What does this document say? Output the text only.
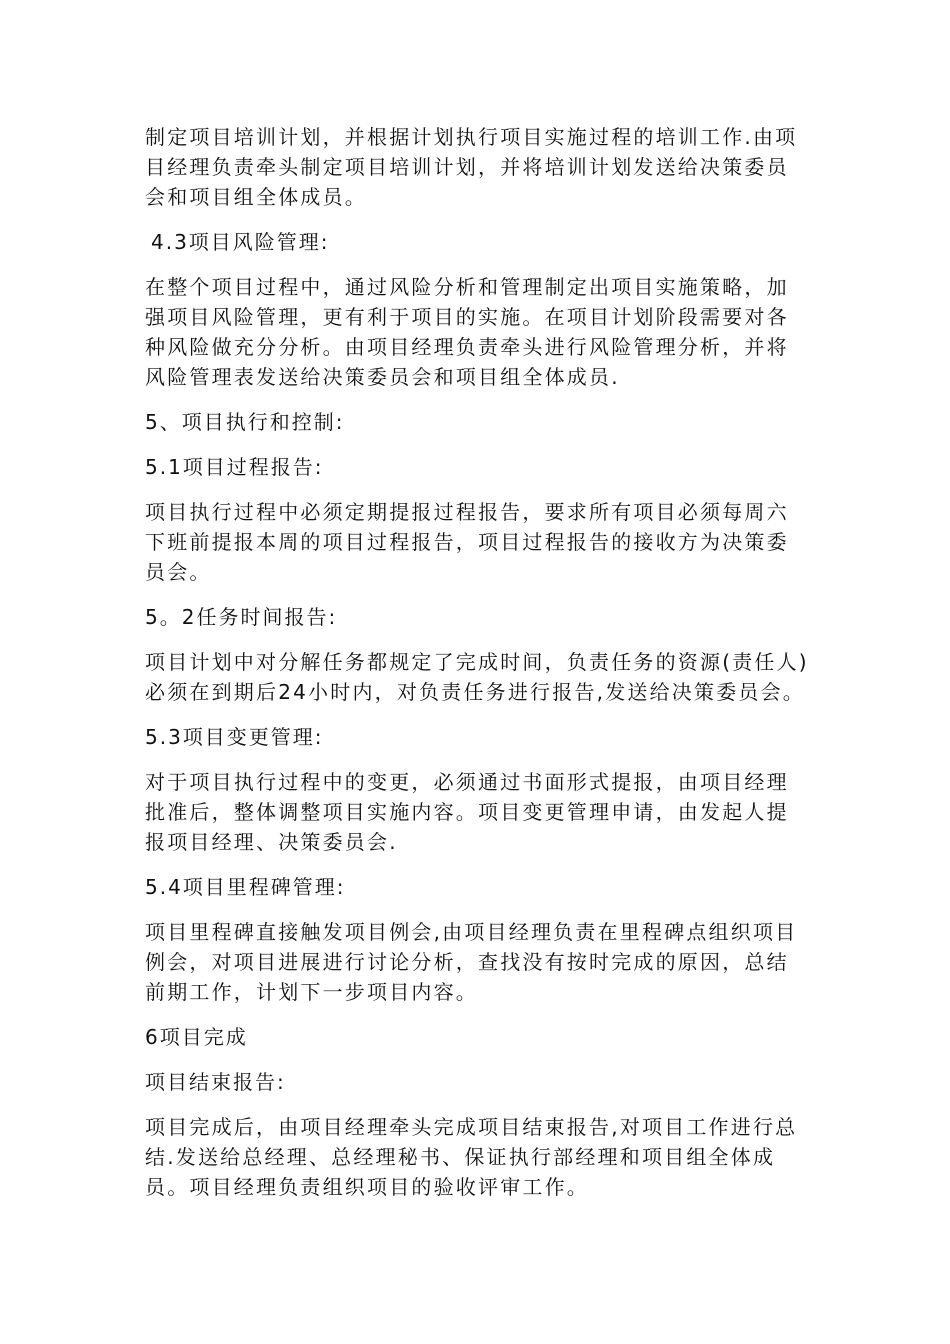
制定项目培训计划，并根据计划执行项目实施过程的培训工作.由项目经理负责牵头制定项目培训计划，并将培训计划发送给决策委员会和项目组全体成员。

4.3项目风险管理:

在整个项目过程中，通过风险分析和管理制定出项目实施策略，加强项目风险管理，更有利于项目的实施。在项目计划阶段需要对各种风险做充分分析。由项目经理负责牵头进行风险管理分析，并将风险管理表发送给决策委员会和项目组全体成员.

5、项目执行和控制:

5.1项目过程报告:

项目执行过程中必须定期提报过程报告，要求所有项目必须每周六下班前提报本周的项目过程报告，项目过程报告的接收方为决策委员会。

5。2任务时间报告:

项目计划中对分解任务都规定了完成时间，负责任务的资源(责任人)必须在到期后24小时内，对负责任务进行报告,发送给决策委员会。

5.3项目变更管理:

对于项目执行过程中的变更，必须通过书面形式提报，由项目经理批准后，整体调整项目实施内容。项目变更管理申请，由发起人提报项目经理、决策委员会.

5.4项目里程碑管理:

项目里程碑直接触发项目例会,由项目经理负责在里程碑点组织项目例会，对项目进展进行讨论分析，查找没有按时完成的原因，总结前期工作，计划下一步项目内容。

6项目完成

项目结束报告:

项目完成后，由项目经理牵头完成项目结束报告,对项目工作进行总结.发送给总经理、总经理秘书、保证执行部经理和项目组全体成员。项目经理负责组织项目的验收评审工作。
